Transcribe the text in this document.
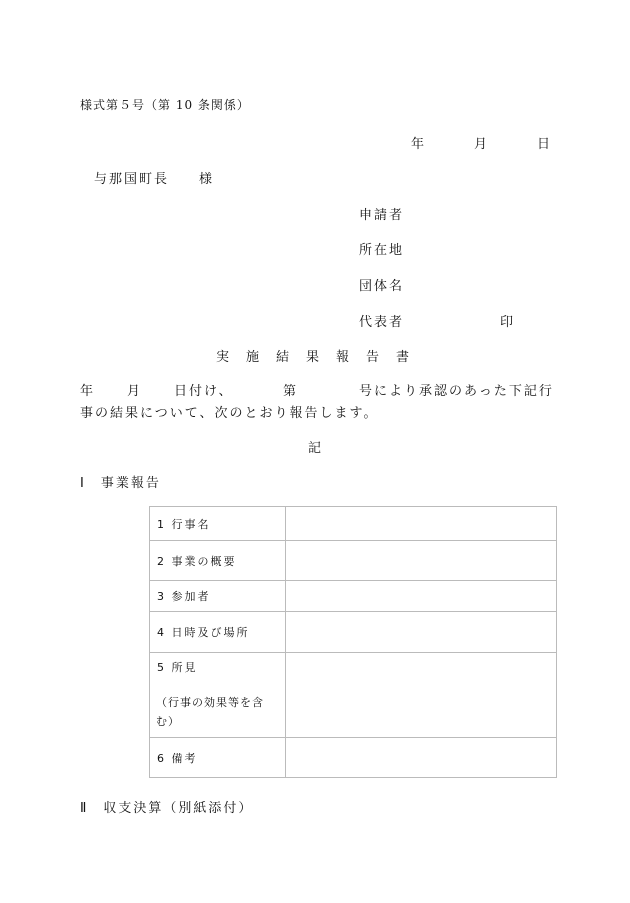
様式第５号（第 10 条関係）
年	月	日
与那国町長　　様
申請者
所在地
団体名
代表者	印
実施結果報告書
年 月 日付け、	第	号により承認のあった下記行
事の結果について、次のとおり報告します。
記
Ⅰ　事業報告
1 行事名
2 事業の概要
3 参加者
4 日時及び場所
5 所見
（行事の効果等を含
む）
6 備考
Ⅱ　収支決算（別紙添付）
